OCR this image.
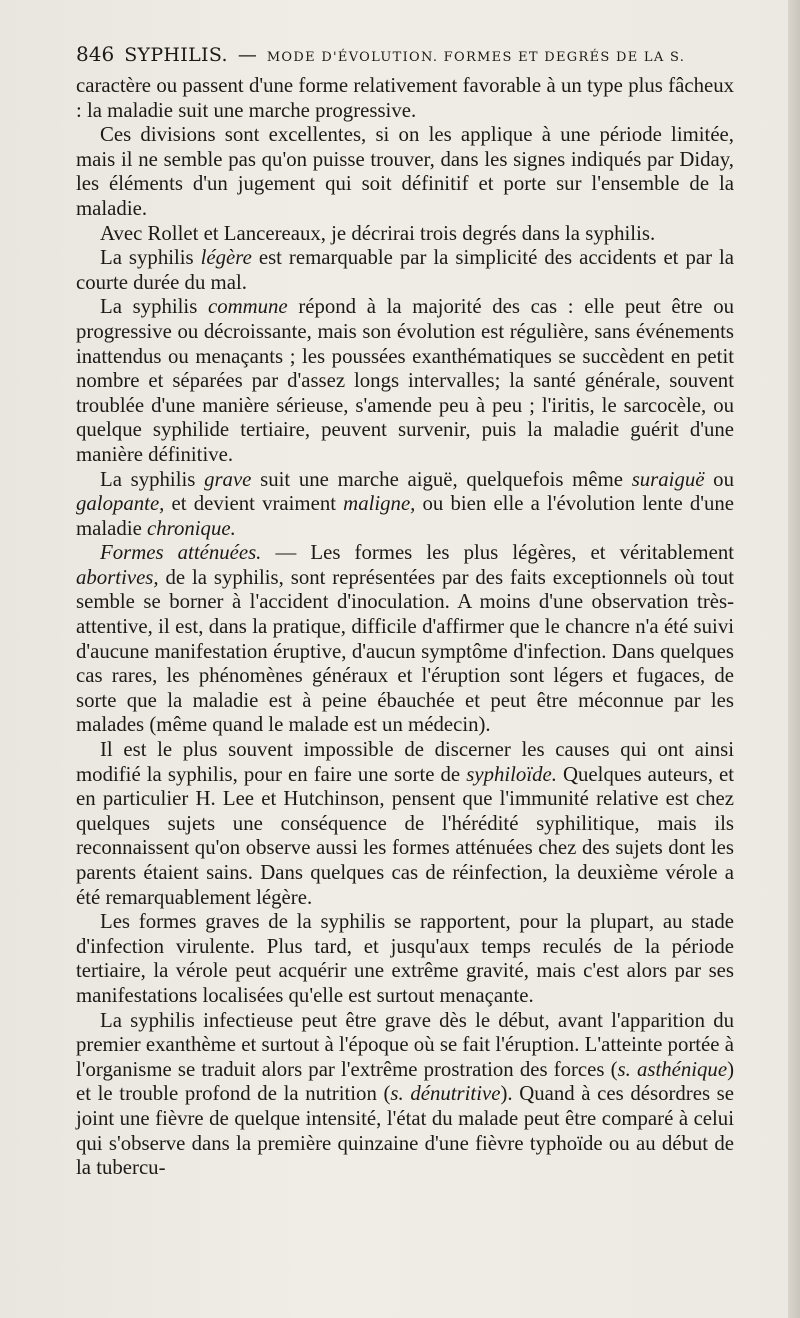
846 SYPHILIS. — MODE D'ÉVOLUTION. FORMES ET DEGRÉS DE LA S.

caractère ou passent d'une forme relativement favorable à un type plus fâcheux : la maladie suit une marche progressive.

Ces divisions sont excellentes, si on les applique à une période limitée, mais il ne semble pas qu'on puisse trouver, dans les signes indiqués par Diday, les éléments d'un jugement qui soit définitif et porte sur l'ensemble de la maladie.

Avec Rollet et Lancereaux, je décrirai trois degrés dans la syphilis.

La syphilis légère est remarquable par la simplicité des accidents et par la courte durée du mal.

La syphilis commune répond à la majorité des cas : elle peut être ou progressive ou décroissante, mais son évolution est régulière, sans événements inattendus ou menaçants ; les poussées exanthématiques se succèdent en petit nombre et séparées par d'assez longs intervalles; la santé générale, souvent troublée d'une manière sérieuse, s'amende peu à peu ; l'iritis, le sarcocèle, ou quelque syphilide tertiaire, peuvent survenir, puis la maladie guérit d'une manière définitive.

La syphilis grave suit une marche aiguë, quelquefois même suraiguë ou galopante, et devient vraiment maligne, ou bien elle a l'évolution lente d'une maladie chronique.

Formes atténuées. — Les formes les plus légères, et véritablement abortives, de la syphilis, sont représentées par des faits exceptionnels où tout semble se borner à l'accident d'inoculation. A moins d'une observation très-attentive, il est, dans la pratique, difficile d'affirmer que le chancre n'a été suivi d'aucune manifestation éruptive, d'aucun symptôme d'infection. Dans quelques cas rares, les phénomènes généraux et l'éruption sont légers et fugaces, de sorte que la maladie est à peine ébauchée et peut être méconnue par les malades (même quand le malade est un médecin).

Il est le plus souvent impossible de discerner les causes qui ont ainsi modifié la syphilis, pour en faire une sorte de syphiloïde. Quelques auteurs, et en particulier H. Lee et Hutchinson, pensent que l'immunité relative est chez quelques sujets une conséquence de l'hérédité syphilitique, mais ils reconnaissent qu'on observe aussi les formes atténuées chez des sujets dont les parents étaient sains. Dans quelques cas de réinfection, la deuxième vérole a été remarquablement légère.

Les formes graves de la syphilis se rapportent, pour la plupart, au stade d'infection virulente. Plus tard, et jusqu'aux temps reculés de la période tertiaire, la vérole peut acquérir une extrême gravité, mais c'est alors par ses manifestations localisées qu'elle est surtout menaçante.

La syphilis infectieuse peut être grave dès le début, avant l'apparition du premier exanthème et surtout à l'époque où se fait l'éruption. L'atteinte portée à l'organisme se traduit alors par l'extrême prostration des forces (s. asthénique) et le trouble profond de la nutrition (s. dénutritive). Quand à ces désordres se joint une fièvre de quelque intensité, l'état du malade peut être comparé à celui qui s'observe dans la première quinzaine d'une fièvre typhoïde ou au début de la tubercu-
